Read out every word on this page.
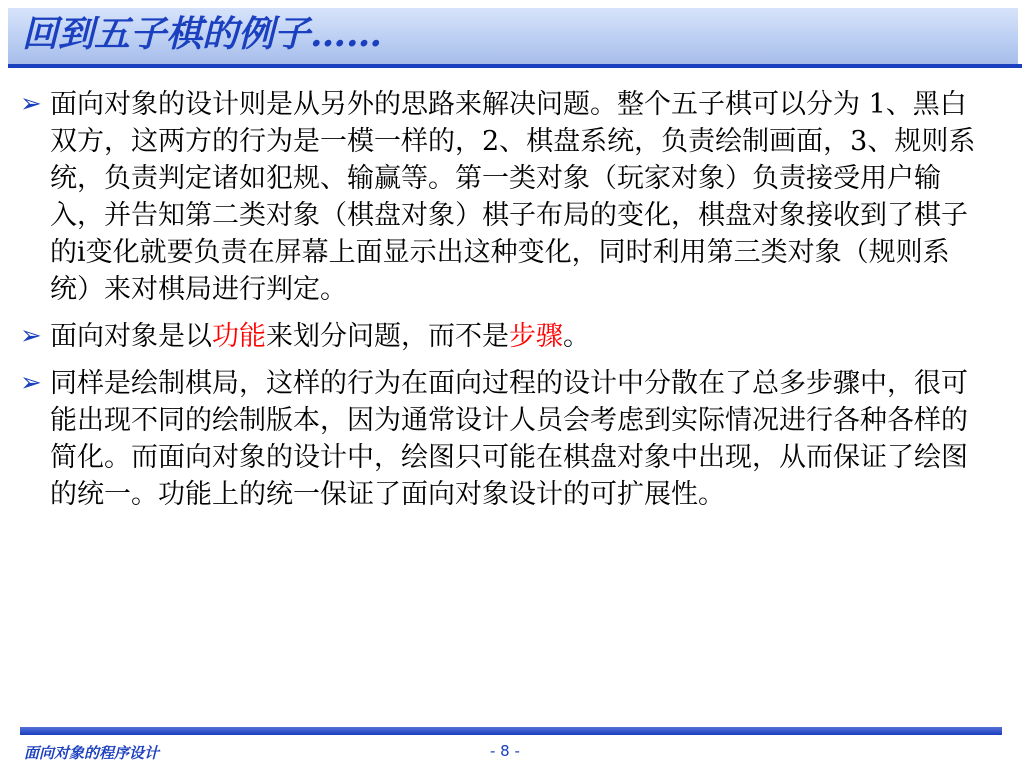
回到五子棋的例子……
➢ 面向对象的设计则是从另外的思路来解决问题。整个五子棋可以分为 1、黑白双方，这两方的行为是一模一样的，2、棋盘系统，负责绘制画面，3、规则系统，负责判定诸如犯规、输赢等。第一类对象（玩家对象）负责接受用户输入，并告知第二类对象（棋盘对象）棋子布局的变化，棋盘对象接收到了棋子的i变化就要负责在屏幕上面显示出这种变化，同时利用第三类对象（规则系统）来对棋局进行判定。
➢ 面向对象是以功能来划分问题，而不是步骤。
➢ 同样是绘制棋局，这样的行为在面向过程的设计中分散在了总多步骤中，很可能出现不同的绘制版本，因为通常设计人员会考虑到实际情况进行各种各样的简化。而面向对象的设计中，绘图只可能在棋盘对象中出现，从而保证了绘图的统一。功能上的统一保证了面向对象设计的可扩展性。
面向对象的程序设计	- 8 -
